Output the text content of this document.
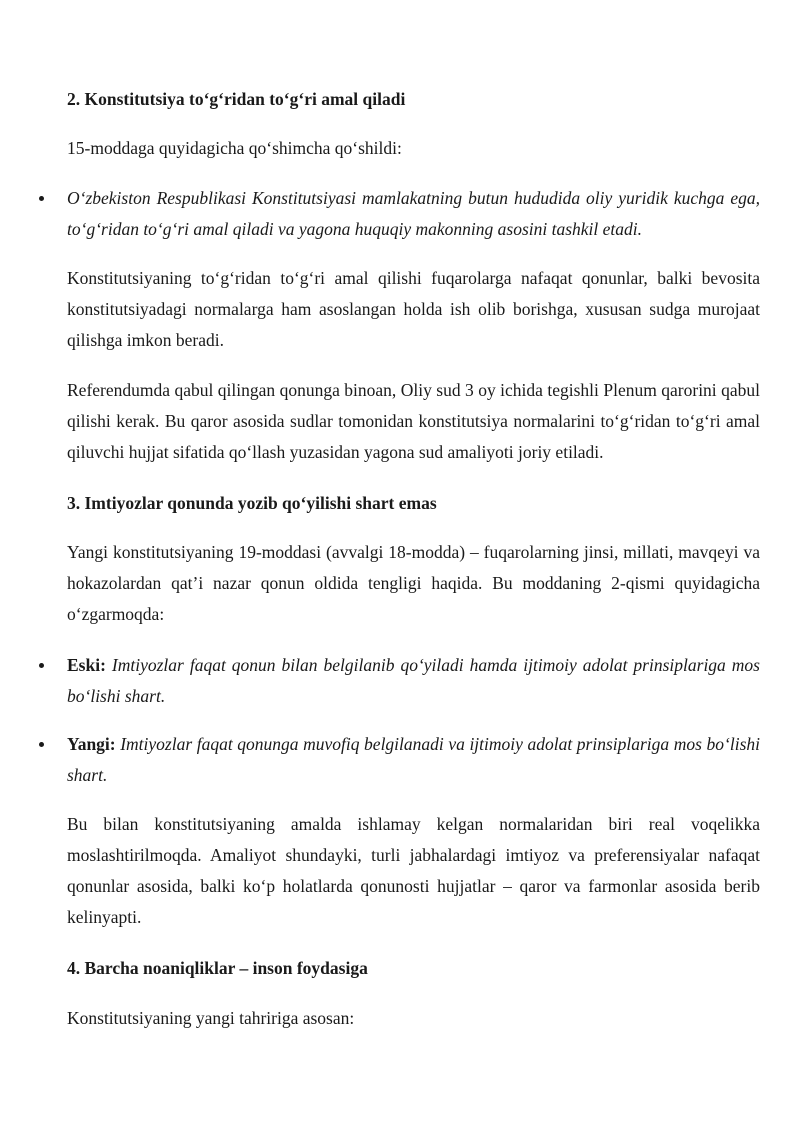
2. Konstitutsiya to‘g‘ridan to‘g‘ri amal qiladi

15-moddaga quyidagicha qo‘shimcha qo‘shildi:

O‘zbekiston Respublikasi Konstitutsiyasi mamlakatning butun hududida oliy yuridik kuchga ega, to‘g‘ridan to‘g‘ri amal qiladi va yagona huquqiy makonning asosini tashkil etadi.

Konstitutsiyaning to‘g‘ridan to‘g‘ri amal qilishi fuqarolarga nafaqat qonunlar, balki bevosita konstitutsiyadagi normalarga ham asoslangan holda ish olib borishga, xususan sudga murojaat qilishga imkon beradi.

Referendumda qabul qilingan qonunga binoan, Oliy sud 3 oy ichida tegishli Plenum qarorini qabul qilishi kerak. Bu qaror asosida sudlar tomonidan konstitutsiya normalarini to‘g‘ridan to‘g‘ri amal qiluvchi hujjat sifatida qo‘llash yuzasidan yagona sud amaliyoti joriy etiladi.

3. Imtiyozlar qonunda yozib qo‘yilishi shart emas

Yangi konstitutsiyaning 19-moddasi (avvalgi 18-modda) – fuqarolarning jinsi, millati, mavqeyi va hokazolardan qat’i nazar qonun oldida tengligi haqida. Bu moddaning 2-qismi quyidagicha o‘zgarmoqda:

Eski: Imtiyozlar faqat qonun bilan belgilanib qo‘yiladi hamda ijtimoiy adolat prinsiplariga mos bo‘lishi shart.

Yangi: Imtiyozlar faqat qonunga muvofiq belgilanadi va ijtimoiy adolat prinsiplariga mos bo‘lishi shart.

Bu bilan konstitutsiyaning amalda ishlamay kelgan normalaridan biri real voqelikka moslashtirilmoqda. Amaliyot shundayki, turli jabhalardagi imtiyoz va preferensiyalar nafaqat qonunlar asosida, balki ko‘p holatlarda qonunosti hujjatlar – qaror va farmonlar asosida berib kelinyapti.

4. Barcha noaniqliklar – inson foydasiga

Konstitutsiyaning yangi tahririga asosan:
